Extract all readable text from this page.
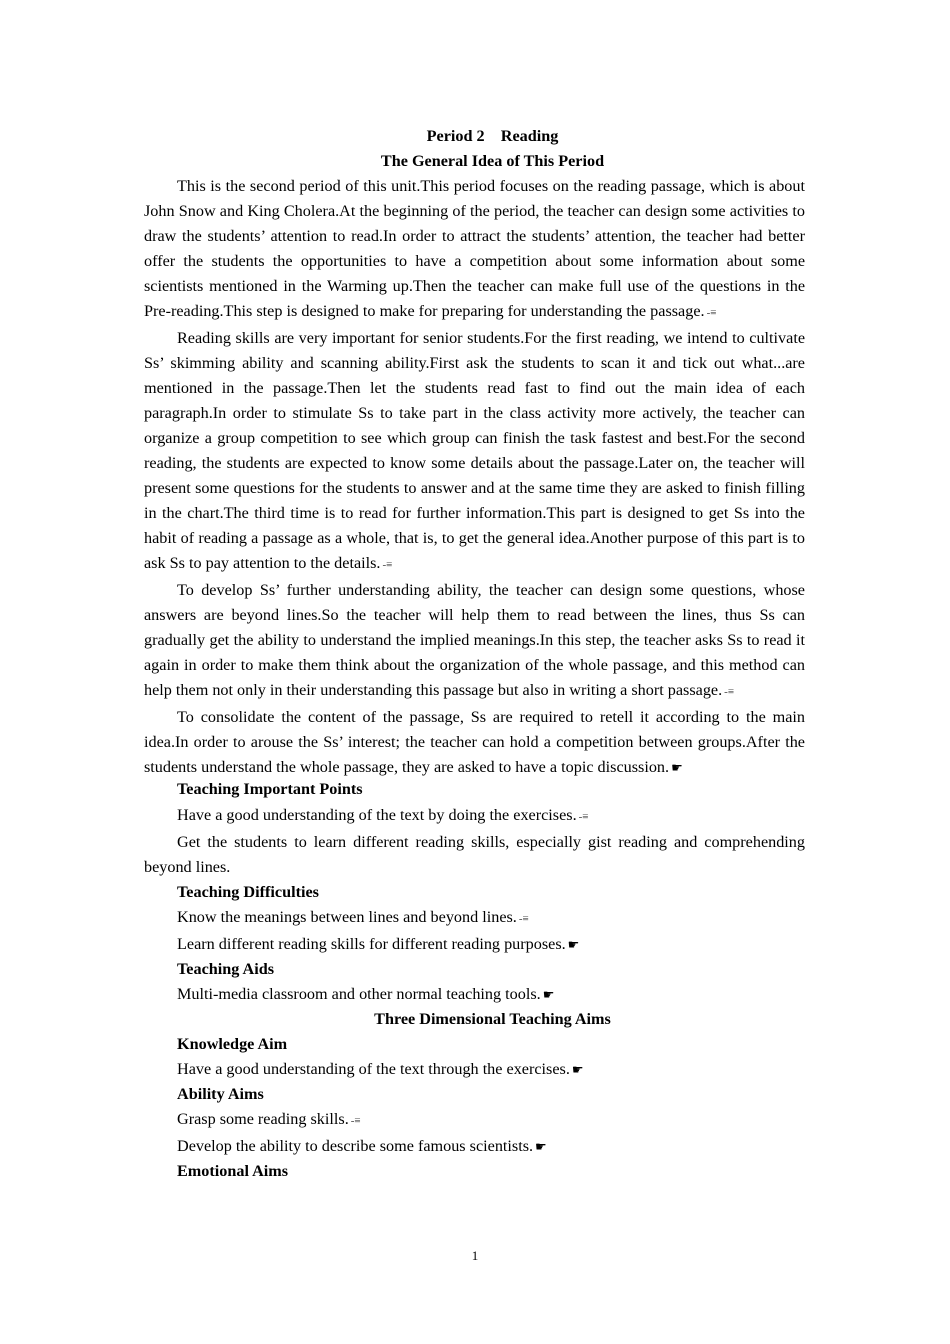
Period 2    Reading

The General Idea of This Period

This is the second period of this unit.This period focuses on the reading passage, which is about John Snow and King Cholera.At the beginning of the period, the teacher can design some activities to draw the students’ attention to read.In order to attract the students’ attention, the teacher had better offer the students the opportunities to have a competition about some information about some scientists mentioned in the Warming up.Then the teacher can make full use of the questions in the Pre-reading.This step is designed to make for preparing for understanding the passage. -≡

Reading skills are very important for senior students.For the first reading, we intend to cultivate Ss’ skimming ability and scanning ability.First ask the students to scan it and tick out what...are mentioned in the passage.Then let the students read fast to find out the main idea of each paragraph.In order to stimulate Ss to take part in the class activity more actively, the teacher can organize a group competition to see which group can finish the task fastest and best.For the second reading, the students are expected to know some details about the passage.Later on, the teacher will present some questions for the students to answer and at the same time they are asked to finish filling in the chart.The third time is to read for further information.This part is designed to get Ss into the habit of reading a passage as a whole, that is, to get the general idea.Another purpose of this part is to ask Ss to pay attention to the details. -≡

To develop Ss’ further understanding ability, the teacher can design some questions, whose answers are beyond lines.So the teacher will help them to read between the lines, thus Ss can gradually get the ability to understand the implied meanings.In this step, the teacher asks Ss to read it again in order to make them think about the organization of the whole passage, and this method can help them not only in their understanding this passage but also in writing a short passage. -≡

To consolidate the content of the passage, Ss are required to retell it according to the main idea.In order to arouse the Ss’ interest; the teacher can hold a competition between groups.After the students understand the whole passage, they are asked to have a topic discussion. ☛

Teaching Important Points

Have a good understanding of the text by doing the exercises. -≡

Get the students to learn different reading skills, especially gist reading and comprehending beyond lines.

Teaching Difficulties

Know the meanings between lines and beyond lines. -≡

Learn different reading skills for different reading purposes. ☛

Teaching Aids

Multi-media classroom and other normal teaching tools. ☛

Three Dimensional Teaching Aims

Knowledge Aim

Have a good understanding of the text through the exercises. ☛

Ability Aims

Grasp some reading skills. -≡

Develop the ability to describe some famous scientists. ☛

Emotional Aims

1
